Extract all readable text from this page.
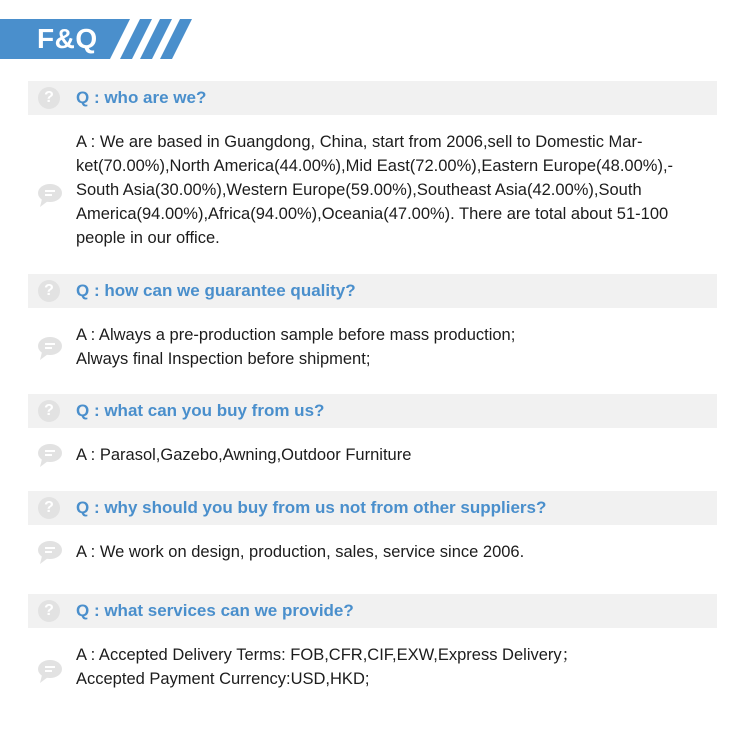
F&Q
?	Q : who are we?
A : We are based in Guangdong, China, start from 2006,sell to Domestic Mar-
ket(70.00%),North America(44.00%),Mid East(72.00%),Eastern Europe(48.00%),-
South Asia(30.00%),Western Europe(59.00%),Southeast Asia(42.00%),South
America(94.00%),Africa(94.00%),Oceania(47.00%). There are total about 51-100
people in our office.
?	Q : how can we guarantee quality?
A : Always a pre-production sample before mass production;
Always final Inspection before shipment;
?	Q : what can you buy from us?
A : Parasol,Gazebo,Awning,Outdoor Furniture
?	Q : why should you buy from us not from other suppliers?
A : We work on design, production, sales, service since 2006.
?	Q : what services can we provide?
A : Accepted Delivery Terms: FOB,CFR,CIF,EXW,Express Delivery；
Accepted Payment Currency:USD,HKD;
